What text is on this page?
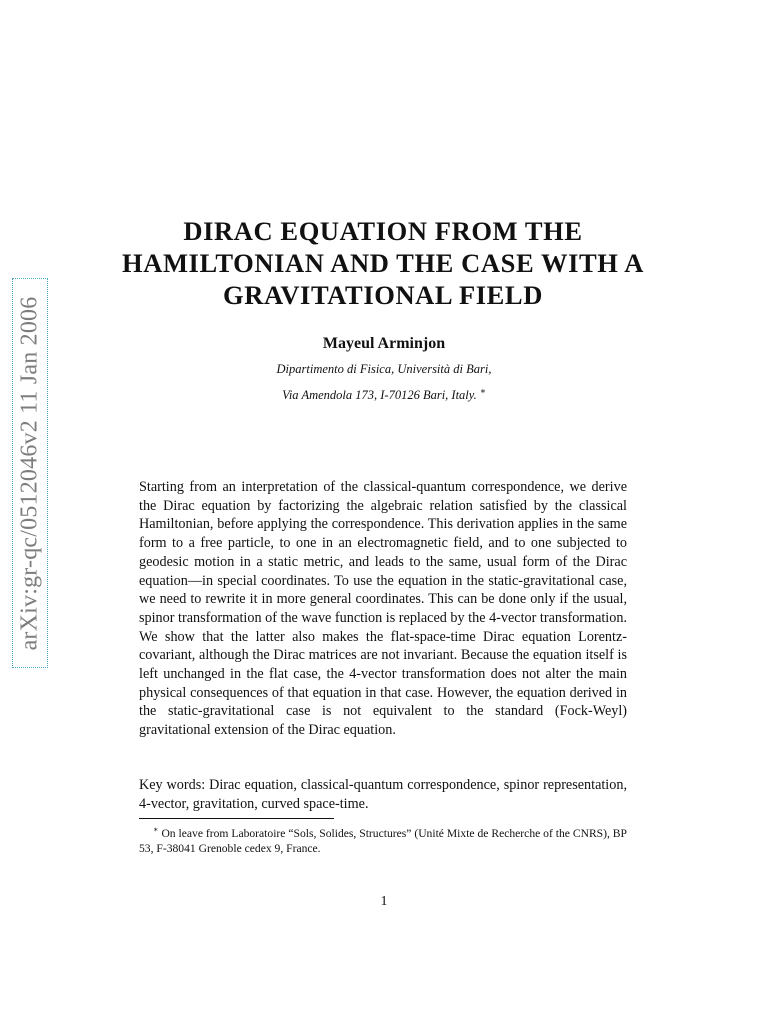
arXiv:gr-qc/0512046v2 11 Jan 2006
DIRAC EQUATION FROM THE HAMILTONIAN AND THE CASE WITH A GRAVITATIONAL FIELD
Mayeul Arminjon
Dipartimento di Fisica, Università di Bari,
Via Amendola 173, I-70126 Bari, Italy. ∗

Starting from an interpretation of the classical-quantum correspondence, we derive the Dirac equation by factorizing the algebraic relation satisfied by the classical Hamiltonian, before applying the correspondence. This derivation applies in the same form to a free particle, to one in an electromagnetic field, and to one subjected to geodesic motion in a static metric, and leads to the same, usual form of the Dirac equation—in special coordinates. To use the equation in the static-gravitational case, we need to rewrite it in more general coordinates. This can be done only if the usual, spinor transformation of the wave function is replaced by the 4-vector transformation. We show that the latter also makes the flat-space-time Dirac equation Lorentz-covariant, although the Dirac matrices are not invariant. Because the equation itself is left unchanged in the flat case, the 4-vector transformation does not alter the main physical consequences of that equation in that case. However, the equation derived in the static-gravitational case is not equivalent to the standard (Fock-Weyl) gravitational extension of the Dirac equation.

Key words: Dirac equation, classical-quantum correspondence, spinor representation, 4-vector, gravitation, curved space-time.

∗ On leave from Laboratoire “Sols, Solides, Structures” (Unité Mixte de Recherche of the CNRS), BP 53, F-38041 Grenoble cedex 9, France.

1
